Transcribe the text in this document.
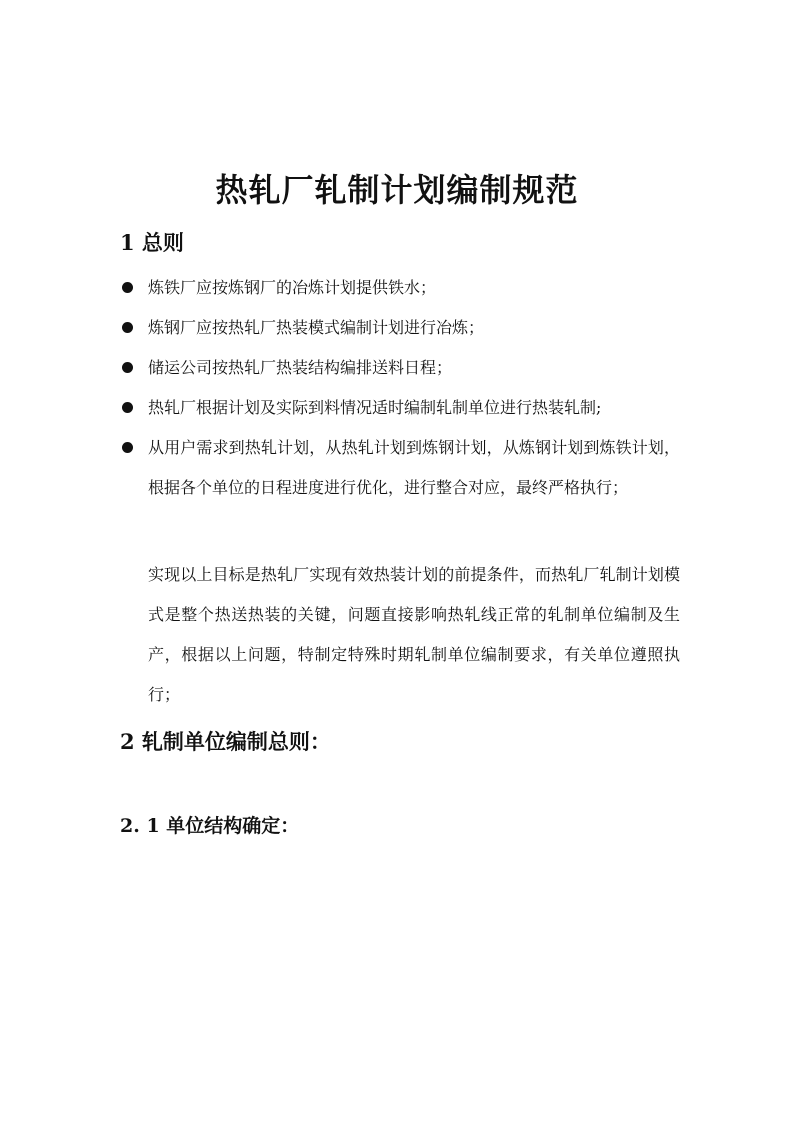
热轧厂轧制计划编制规范
1 总则
炼铁厂应按炼钢厂的冶炼计划提供铁水；
炼钢厂应按热轧厂热装模式编制计划进行冶炼；
储运公司按热轧厂热装结构编排送料日程；
热轧厂根据计划及实际到料情况适时编制轧制单位进行热装轧制;
从用户需求到热轧计划，从热轧计划到炼钢计划，从炼钢计划到炼铁计划，根据各个单位的日程进度进行优化，进行整合对应，最终严格执行；
实现以上目标是热轧厂实现有效热装计划的前提条件，而热轧厂轧制计划模式是整个热送热装的关键，问题直接影响热轧线正常的轧制单位编制及生产，根据以上问题，特制定特殊时期轧制单位编制要求，有关单位遵照执行；
2 轧制单位编制总则：
2. 1 单位结构确定：
